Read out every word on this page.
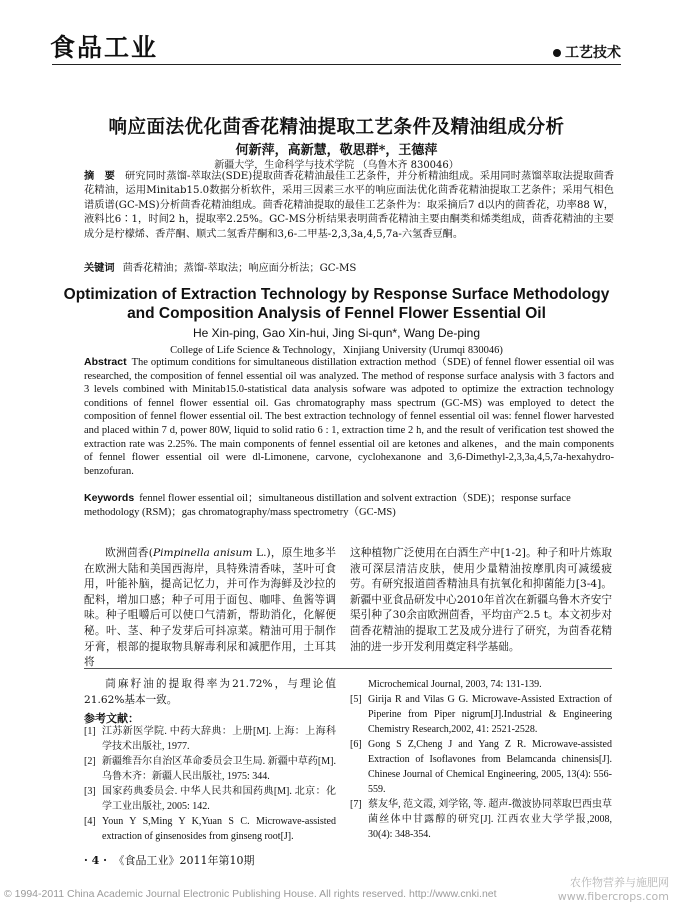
食品工业	工艺技术
响应面法优化茴香花精油提取工艺条件及精油组成分析
何新萍，高新慧，敬思群*，王德萍
新疆大学，生命科学与技术学院 （乌鲁木齐 830046）
摘　要 研究同时蒸馏-萃取法(SDE)提取茴香花精油最佳工艺条件，并分析精油组成。采用同时蒸馏萃取法提取茴香花精油，运用Minitab15.0数据分析软件，采用三因素三水平的响应面法优化茴香花精油提取工艺条件；采用气相色谱质谱(GC-MS)分析茴香花精油组成。茴香花精油提取的最佳工艺条件为：取采摘后7 d以内的茴香花，功率88 W，液料比6∶1，时间2 h，提取率2.25%。GC-MS分析结果表明茴香花精油主要由酮类和烯类组成，茴香花精油的主要成分是柠檬烯、香芹酮、顺式二氢香芹酮和3,6-二甲基-2,3,3a,4,5,7a-六氢香豆酮。
关键词 茴香花精油；蒸馏-萃取法；响应面分析法；GC-MS
Optimization of Extraction Technology by Response Surface Methodology and Composition Analysis of Fennel Flower Essential Oil
He Xin-ping, Gao Xin-hui, Jing Si-qun*, Wang De-ping
College of Life Science & Technology，Xinjiang University (Urumqi 830046)
Abstract The optimum conditions for simultaneous distillation extraction method（SDE) of fennel flower essential oil was researched, the composition of fennel essential oil was analyzed. The method of response surface analysis with 3 factors and 3 levels combined with Minitab15.0-statistical data analysis sofware was adpoted to optimize the extraction technology conditions of fennel flower essential oil. Gas chromatography mass spectrum (GC-MS) was employed to detect the composition of fennel flower essential oil. The best extraction technology of fennel essential oil was: fennel flower harvested and placed within 7 d, power 80W, liquid to solid ratio 6 : 1, extraction time 2 h, and the result of verification test showed the extraction rate was 2.25%. The main components of fennel essential oil are ketones and alkenes，and the main components of fennel flower essential oil were dl-Limonene, carvone, cyclohexanone and 3,6-Dimethyl-2,3,3a,4,5,7a-hexahydro-benzofuran.
Keywords fennel flower essential oil；simultaneous distillation and solvent extraction（SDE)；response surface methodology (RSM)；gas chromatography/mass spectrometry（GC-MS)
欧洲茴香(Pimpinella anisum L.)，原生地多半在欧洲大陆和美国西海岸，具特殊清香味，茎叶可食用，叶能补脑，提高记忆力，并可作为海鲜及沙拉的配料，增加口感；种子可用于面包、咖啡、鱼酱等调味。种子咀嚼后可以使口气清新，帮助消化，化解便秘。叶、茎、种子发芽后可抖凉菜。精油可用于制作牙膏，根部的提取物具解毒利尿和减肥作用，土耳其将
这种植物广泛使用在白酒生产中[1-2]。种子和叶片炼取液可深层清洁皮肤，使用少量精油按摩肌肉可减缓疲劳。有研究报道茴香精油具有抗氧化和抑菌能力[3-4]。新疆中亚食品研发中心2010年首次在新疆乌鲁木齐安宁渠引种了30余亩欧洲茴香，平均亩产2.5 t。本文初步对茴香花精油的提取工艺及成分进行了研究，为茴香花精油的进一步开发利用奠定科学基础。
茼麻籽油的提取得率为21.72%，与理论值21.62%基本一致。
参考文献：
[1] 江苏新医学院. 中药大辞典：上册[M]. 上海：上海科学技术出版社, 1977.
[2] 新疆维吾尔自治区革命委员会卫生局. 新疆中草药[M]. 乌鲁木齐：新疆人民出版社, 1975: 344.
[3] 国家药典委员会. 中华人民共和国药典[M]. 北京：化学工业出版社, 2005: 142.
[4] Youn Y S,Ming Y K,Yuan S C. Microwave-assisted extraction of ginsenosides from ginseng root[J].
Microchemical Journal, 2003, 74: 131-139.
[5] Girija R and Vilas G G. Microwave-Assisted Extraction of Piperine from Piper nigrum[J].Industrial & Engineering Chemistry Research,2002, 41: 2521-2528.
[6] Gong S Z,Cheng J and Yang Z R. Microwave-assisted Extraction of Isoflavones from Belamcanda chinensis[J]. Chinese Journal of Chemical Engineering, 2005, 13(4): 556-559.
[7] 蔡友华, 范文霞, 刘学铭, 等. 超声-微波协同萃取巴西虫草菌丝体中甘露醇的研究[J]. 江西农业大学学报,2008, 30(4): 348-354.
· 4 · 《食品工业》2011年第10期
© 1994-2011 China Academic Journal Electronic Publishing House. All rights reserved. http://www.cnki.net
农作物营养与施肥网
www.fibercrops.com
